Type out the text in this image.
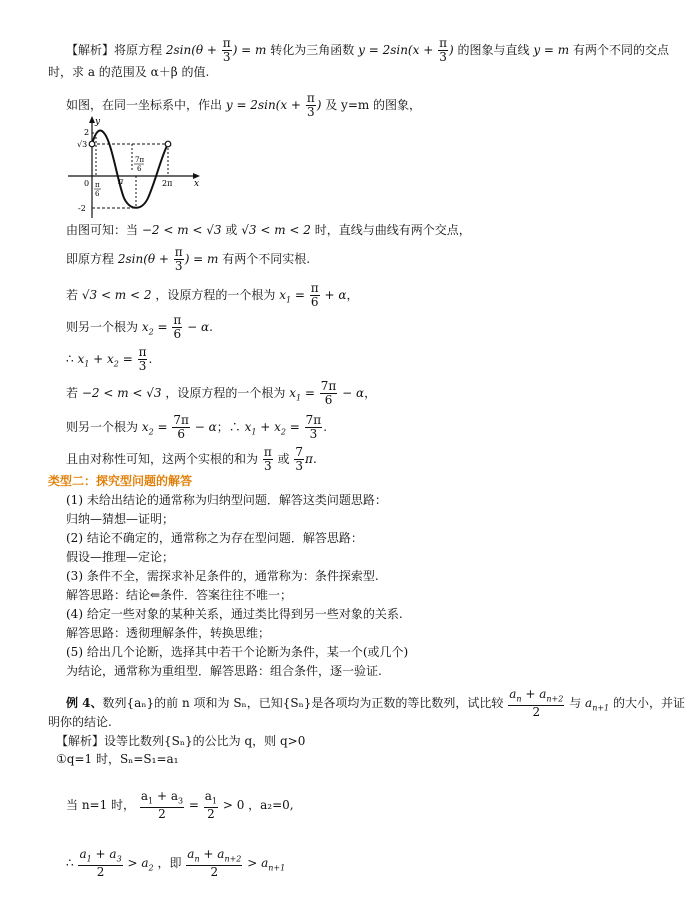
【解析】将原方程 $2\sin(\theta + \frac{\pi}{3}$ ) = m 转化为三角函数 $y = 2\sin(x + \frac{\pi}{3}$ ) 的图象与直线 y = m 有两个不同的交点
时，求 a 的范围及 α＋β 的值.
如图，在同一坐标系中，作出 $y = 2\sin(x + \frac{\pi}{3}$ ) 及 y=m 的图象，
y
x
2
√3
0
-2
π
6
π
7π
6
2π
由图可知：当 −2 < m < √3 或 √3 < m < 2 时，直线与曲线有两个交点，
即原方程 $2\sin(\theta + \frac{\pi}{3}$ ) = m 有两个不同实根.
若 √3 < m < 2 ，设原方程的一个根为 $x_1 = \frac{\pi}{6} + \alpha$，
则另一个根为 $x_2 = \frac{\pi}{6} - \alpha$.
∴ $x_1 + x_2 = \frac{\pi}{3}$ .
若 −2 < m < √3 ，设原方程的一个根为 $x_1 = \frac{7\pi}{6} - \alpha$，
则另一个根为 $x_2 = \frac{7\pi}{6} - \alpha$；∴ $x_1 + x_2 = \frac{7\pi}{3}$ .
且由对称性可知，这两个实根的和为 $\frac{\pi}{3}$ 或 $\frac{7}{3} \pi$.
类型二：探究型问题的解答
(1) 未给出结论的通常称为归纳型问题．解答这类问题思路：
归纳—猜想—证明；
(2) 结论不确定的，通常称之为存在型问题．解答思路：
假设—推理—定论；
(3) 条件不全，需探求补足条件的，通常称为：条件探索型.
解答思路：结论⇐条件．答案往往不唯一；
(4) 给定一些对象的某种关系，通过类比得到另一些对象的关系.
解答思路：透彻理解条件，转换思维；
(5) 给出几个论断，选择其中若干个论断为条件，某一个(或几个)
为结论，通常称为重组型．解答思路：组合条件，逐一验证.
例 4、数列{aₙ}的前 n 项和为 Sₙ，已知{Sₙ}是各项均为正数的等比数列，试比较 $\frac{a_n + a_{n+2}}{2}$ 与 $a_{n+1}$ 的大小，并证
明你的结论.
【解析】设等比数列{Sₙ}的公比为 q，则 q>0
①q=1 时，Sₙ=S₁=a₁
当 n=1 时， $\frac{a_1 + a_3}{2} = \frac{a_1}{2} > 0$ ，a₂=0,
∴ $\frac{a_1 + a_3}{2} > a_2$ ，即 $\frac{a_n + a_{n+2}}{2} > a_{n+1}$
